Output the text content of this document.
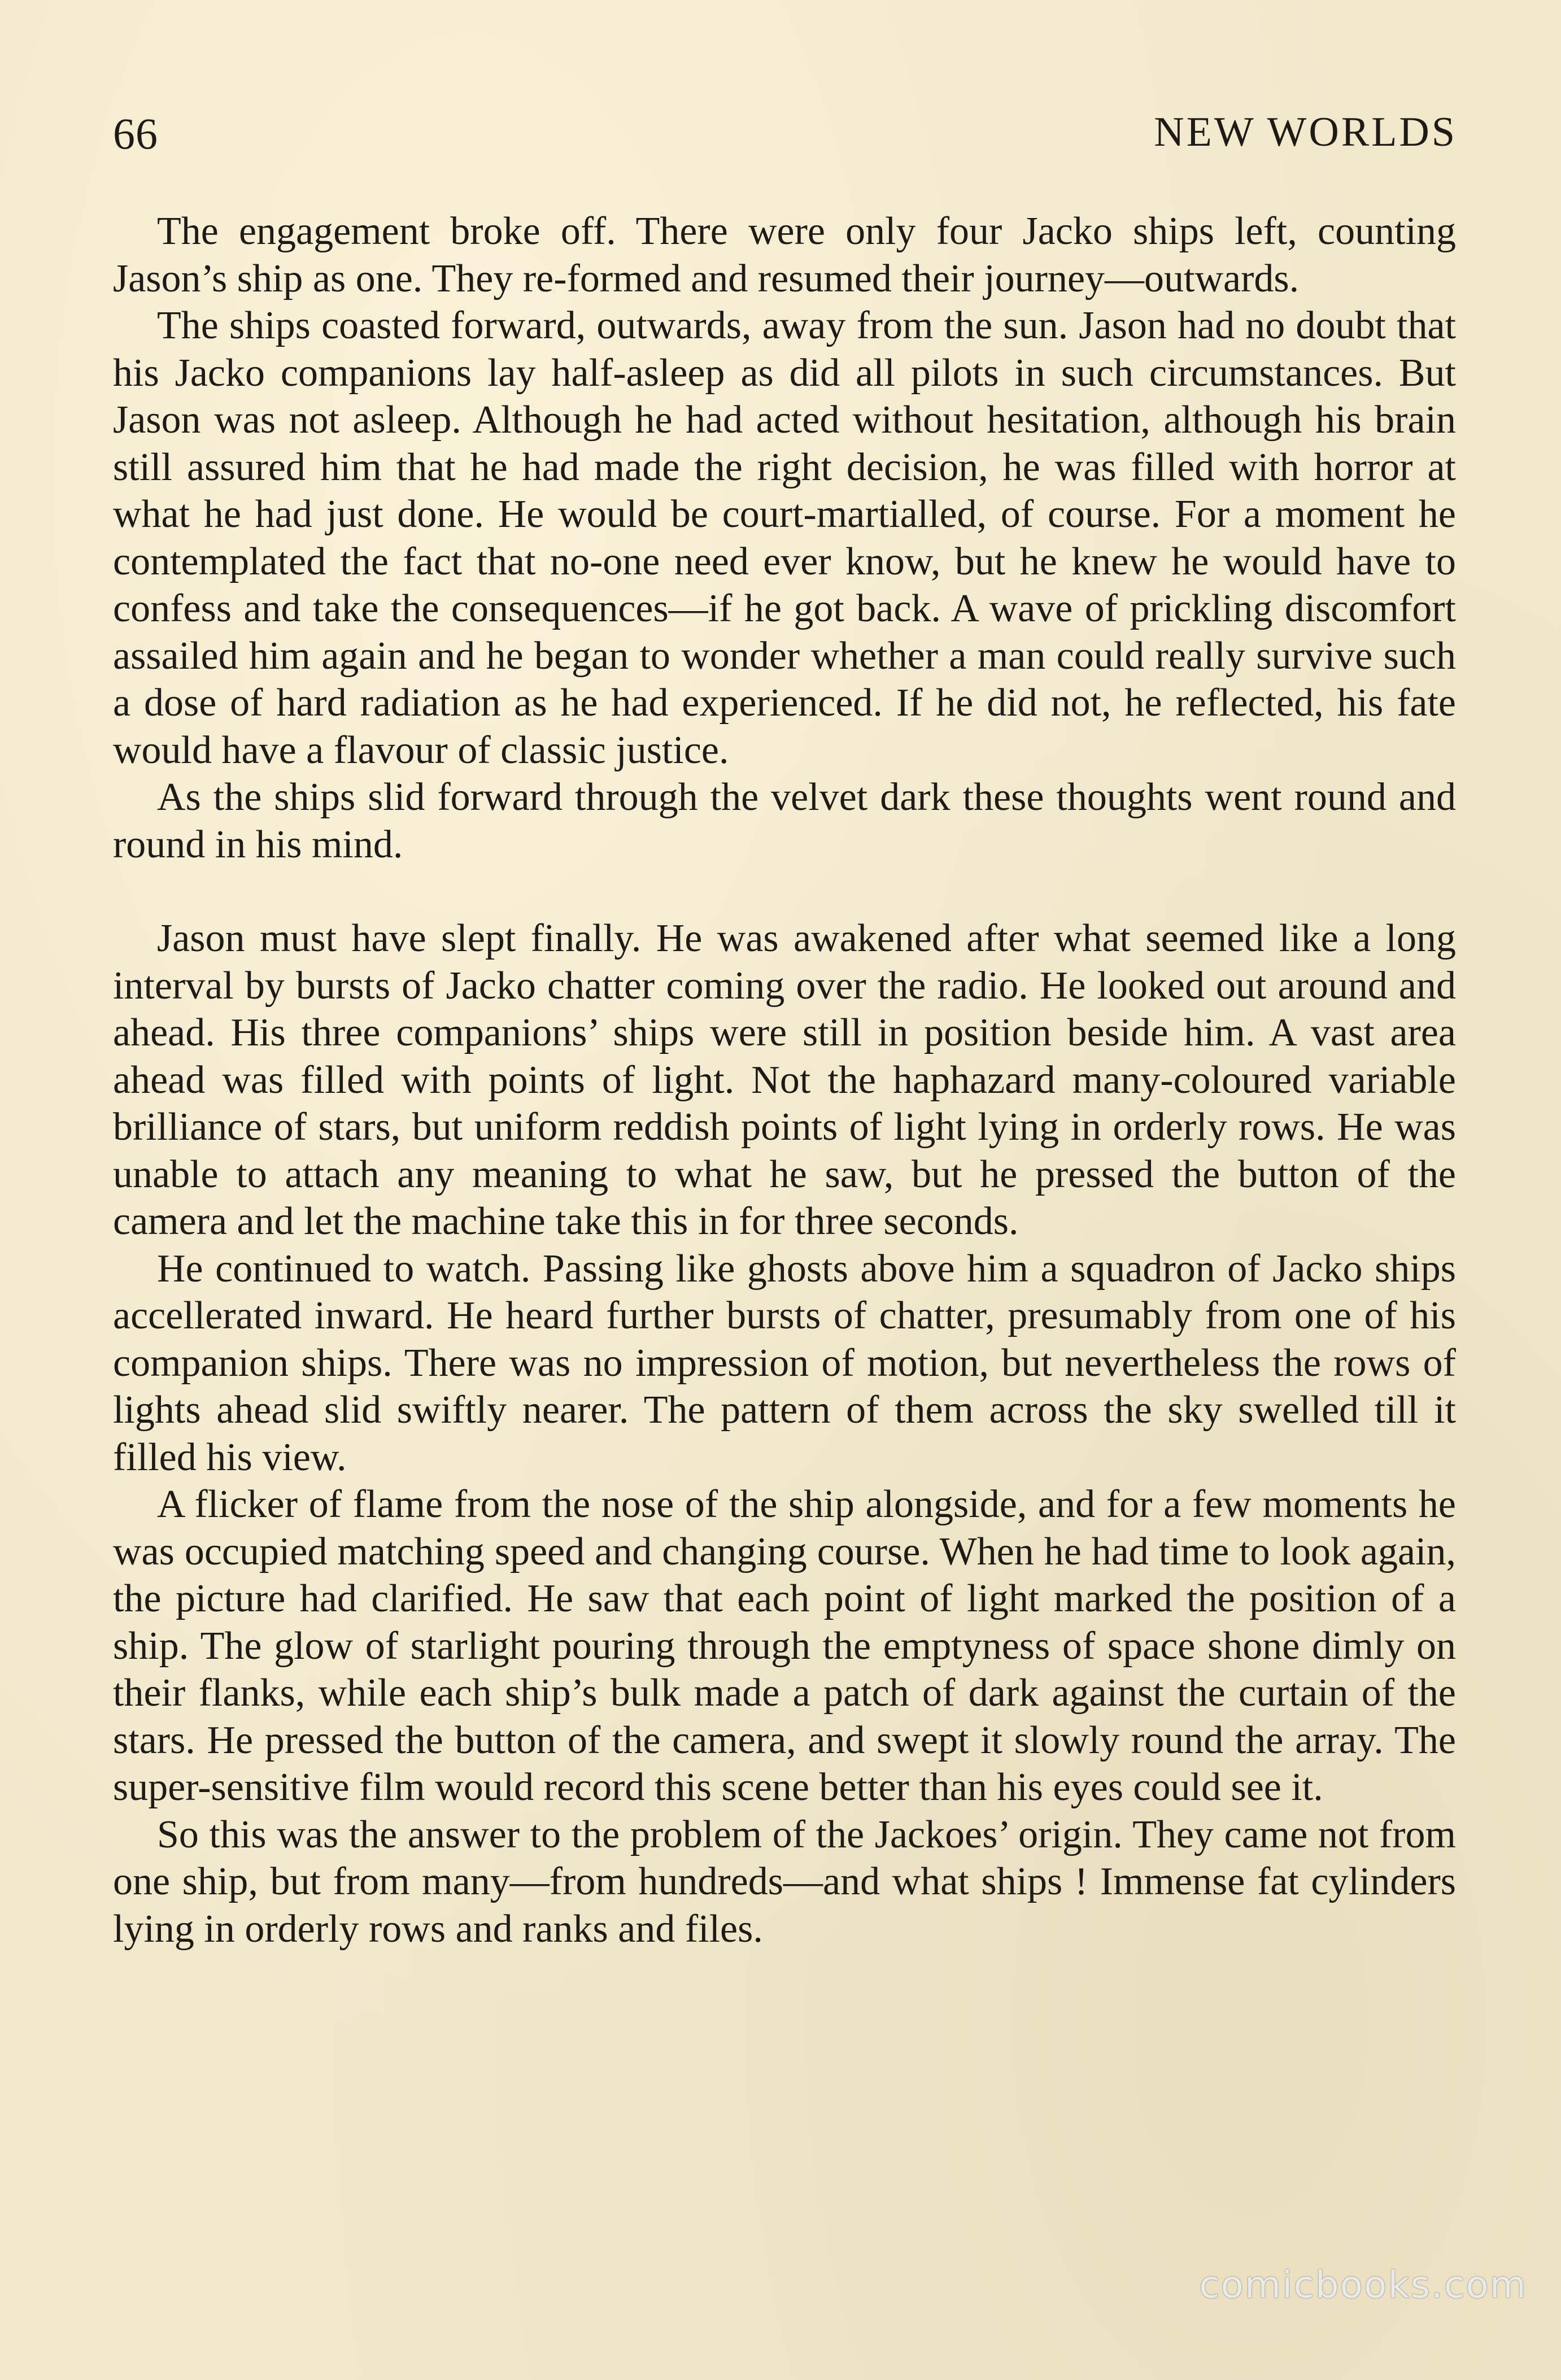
66	NEW WORLDS

The engagement broke off. There were only four Jacko ships left, counting Jason’s ship as one. They re-formed and resumed their journey—outwards.

The ships coasted forward, outwards, away from the sun. Jason had no doubt that his Jacko companions lay half-asleep as did all pilots in such circumstances. But Jason was not asleep. Although he had acted without hesitation, although his brain still assured him that he had made the right decision, he was filled with horror at what he had just done. He would be court-martialled, of course. For a moment he contemplated the fact that no-one need ever know, but he knew he would have to confess and take the consequences—if he got back. A wave of prickling discomfort assailed him again and he began to wonder whether a man could really survive such a dose of hard radiation as he had experienced. If he did not, he reflected, his fate would have a flavour of classic justice.

As the ships slid forward through the velvet dark these thoughts went round and round in his mind.

Jason must have slept finally. He was awakened after what seemed like a long interval by bursts of Jacko chatter coming over the radio. He looked out around and ahead. His three companions’ ships were still in position beside him. A vast area ahead was filled with points of light. Not the haphazard many-coloured variable brilliance of stars, but uniform reddish points of light lying in orderly rows. He was unable to attach any meaning to what he saw, but he pressed the button of the camera and let the machine take this in for three seconds.

He continued to watch. Passing like ghosts above him a squadron of Jacko ships accellerated inward. He heard further bursts of chatter, presumably from one of his companion ships. There was no impression of motion, but nevertheless the rows of lights ahead slid swiftly nearer. The pattern of them across the sky swelled till it filled his view.

A flicker of flame from the nose of the ship alongside, and for a few moments he was occupied matching speed and changing course. When he had time to look again, the picture had clarified. He saw that each point of light marked the position of a ship. The glow of starlight pouring through the emptyness of space shone dimly on their flanks, while each ship’s bulk made a patch of dark against the curtain of the stars. He pressed the button of the camera, and swept it slowly round the array. The super-sensitive film would record this scene better than his eyes could see it.

So this was the answer to the problem of the Jackoes’ origin. They came not from one ship, but from many—from hundreds—and what ships ! Immense fat cylinders lying in orderly rows and ranks and files.

comicbooks.com
